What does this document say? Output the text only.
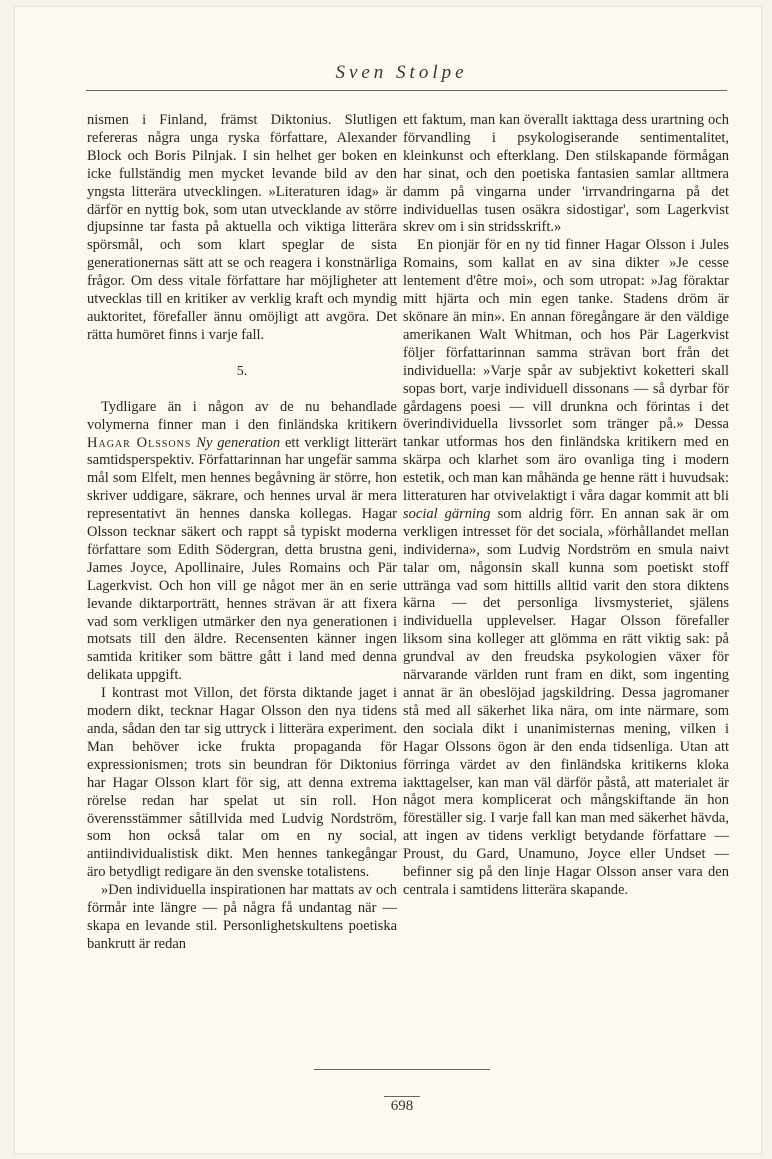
Sven Stolpe

nismen i Finland, främst Diktonius. Slutligen refereras några unga ryska författare, Alexander Block och Boris Pilnjak. I sin helhet ger boken en icke fullständig men mycket levande bild av den yngsta litterära utvecklingen. »Literaturen idag» är därför en nyttig bok, som utan utvecklande av större djupsinne tar fasta på aktuella och viktiga litterära spörsmål, och som klart speglar de sista generationernas sätt att se och reagera i konstnärliga frågor. Om dess vitale författare har möjligheter att utvecklas till en kritiker av verklig kraft och myndig auktoritet, förefaller ännu omöjligt att avgöra. Det rätta humöret finns i varje fall.

5.

Tydligare än i någon av de nu behandlade volymerna finner man i den finländska kritikern Hagar Olssons Ny generation ett verkligt litterärt samtidsperspektiv. Författarinnan har ungefär samma mål som Elfelt, men hennes begåvning är större, hon skriver uddigare, säkrare, och hennes urval är mera representativt än hennes danska kollegas. Hagar Olsson tecknar säkert och rappt så typiskt moderna författare som Edith Södergran, detta brustna geni, James Joyce, Apollinaire, Jules Romains och Pär Lagerkvist. Och hon vill ge något mer än en serie levande diktarporträtt, hennes strävan är att fixera vad som verkligen utmärker den nya generationen i motsats till den äldre. Recensenten känner ingen samtida kritiker som bättre gått i land med denna delikata uppgift.

I kontrast mot Villon, det första diktande jaget i modern dikt, tecknar Hagar Olsson den nya tidens anda, sådan den tar sig uttryck i litterära experiment. Man behöver icke frukta propaganda för expressionismen; trots sin beundran för Diktonius har Hagar Olsson klart för sig, att denna extrema rörelse redan har spelat ut sin roll. Hon överensstämmer såtillvida med Ludvig Nordström, som hon också talar om en ny social, antiindividualistisk dikt. Men hennes tankegångar äro betydligt redigare än den svenske totalistens.

»Den individuella inspirationen har mattats av och förmår inte längre — på några få undantag när — skapa en levande stil. Personlighetskultens poetiska bankrutt är redan

ett faktum, man kan överallt iakttaga dess urartning och förvandling i psykologiserande sentimentalitet, kleinkunst och efterklang. Den stilskapande förmågan har sinat, och den poetiska fantasien samlar alltmera damm på vingarna under 'irrvandringarna på det individuellas tusen osäkra sidostigar', som Lagerkvist skrev om i sin stridsskrift.»

En pionjär för en ny tid finner Hagar Olsson i Jules Romains, som kallat en av sina dikter »Je cesse lentement d'être moi», och som utropat: »Jag föraktar mitt hjärta och min egen tanke. Stadens dröm är skönare än min». En annan föregångare är den väldige amerikanen Walt Whitman, och hos Pär Lagerkvist följer författarinnan samma strävan bort från det individuella: »Varje spår av subjektivt koketteri skall sopas bort, varje individuell dissonans — så dyrbar för gårdagens poesi — vill drunkna och förintas i det överindividuella livssorlet som tränger på.» Dessa tankar utformas hos den finländska kritikern med en skärpa och klarhet som äro ovanliga ting i modern estetik, och man kan måhända ge henne rätt i huvudsak: litteraturen har otvivelaktigt i våra dagar kommit att bli social gärning som aldrig förr. En annan sak är om verkligen intresset för det sociala, »förhållandet mellan individerna», som Ludvig Nordström en smula naivt talar om, någonsin skall kunna som poetiskt stoff uttränga vad som hittills alltid varit den stora diktens kärna — det personliga livsmysteriet, själens individuella upplevelser. Hagar Olsson förefaller liksom sina kolleger att glömma en rätt viktig sak: på grundval av den freudska psykologien växer för närvarande världen runt fram en dikt, som ingenting annat är än obeslöjad jagskildring. Dessa jagromaner stå med all säkerhet lika nära, om inte närmare, som den sociala dikt i unanimisternas mening, vilken i Hagar Olssons ögon är den enda tidsenliga. Utan att förringa värdet av den finländska kritikerns kloka iakttagelser, kan man väl därför påstå, att materialet är något mera komplicerat och mångskiftande än hon föreställer sig. I varje fall kan man med säkerhet hävda, att ingen av tidens verkligt betydande författare — Proust, du Gard, Unamuno, Joyce eller Undset — befinner sig på den linje Hagar Olsson anser vara den centrala i samtidens litterära skapande.

698
